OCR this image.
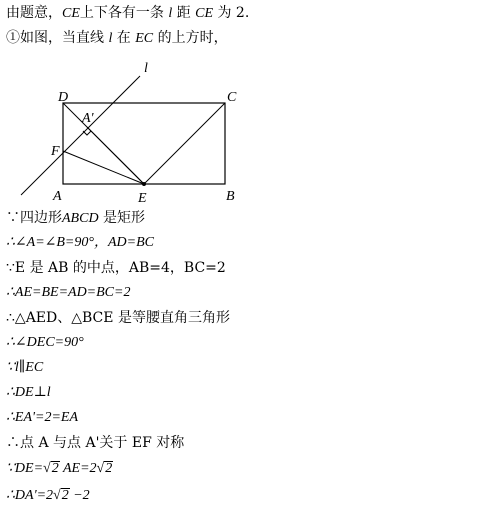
由题意，CE上下各有一条 l 距 CE 为 2.
①如图，当直线 l 在 EC 的上方时，
l
D	C
A'
F
A	E	B
∵四边形ABCD 是矩形
∴∠A=∠B=90°，AD=BC
∵E 是 AB 的中点，AB=4，BC=2
∴AE=BE=AD=BC=2
∴△AED、△BCE 是等腰直角三角形
∴∠DEC=90°
∵l∥EC
∴DE⊥l
∴EA'=2=EA
∴点 A 与点 A'关于 EF 对称
∵DE=√2 AE=2√2
∴DA'=2√2 −2
